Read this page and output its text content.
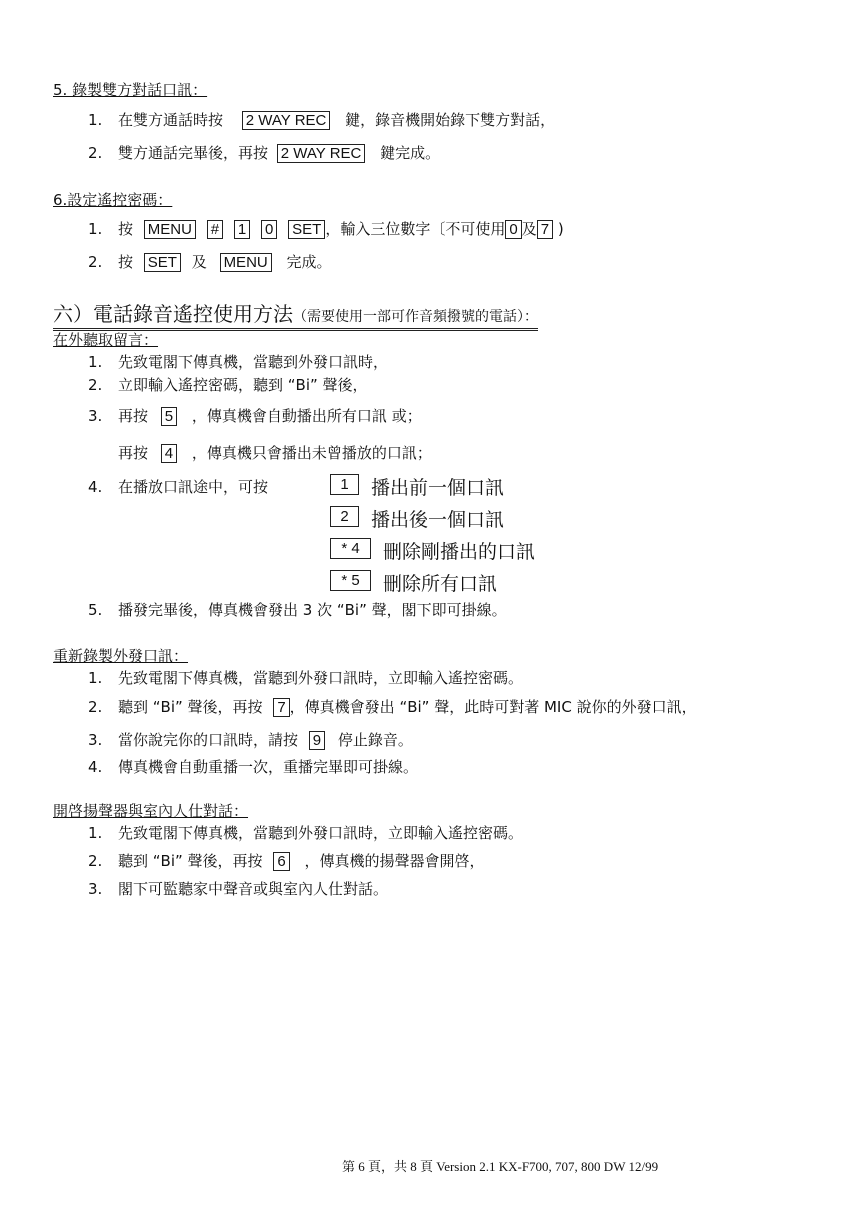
5. 錄製雙方對話口訊：
1. 在雙方通話時按 2 WAY REC 鍵，錄音機開始錄下雙方對話，
2. 雙方通話完畢後，再按 2 WAY REC 鍵完成。
6.設定遙控密碼：
1. 按 MENU # 1 0 SET ，輸入三位數字〔不可使用 0 及 7 )
2. 按 SET 及 MENU 完成。
六）電話錄音遙控使用方法（需要使用一部可作音頻撥號的電話）：
在外聽取留言：
1. 先致電閣下傳真機，當聽到外發口訊時，
2. 立即輸入遙控密碼，聽到 “Bi” 聲後，
3. 再按 5 ，傳真機會自動播出所有口訊 或；
再按 4 ，傳真機只會播出未曾播放的口訊；
4. 在播放口訊途中，可按	1	播出前一個口訊
2	播出後一個口訊
* 4	刪除剛播出的口訊
* 5	刪除所有口訊
5. 播發完畢後，傳真機會發出 3 次 “Bi” 聲，閣下即可掛線。
重新錄製外發口訊：
1. 先致電閣下傳真機，當聽到外發口訊時，立即輸入遙控密碼。
2. 聽到 “Bi” 聲後，再按 7 ，傳真機會發出 “Bi” 聲，此時可對著 MIC 說你的外發口訊，
3. 當你說完你的口訊時，請按 9 停止錄音。
4. 傳真機會自動重播一次，重播完畢即可掛線。
開啓揚聲器與室內人仕對話：
1. 先致電閣下傳真機，當聽到外發口訊時，立即輸入遙控密碼。
2. 聽到 “Bi” 聲後，再按 6 ，傳真機的揚聲器會開啓，
3. 閣下可監聽家中聲音或與室內人仕對話。
第 6 頁，共 8 頁 Version 2.1 KX-F700, 707, 800 DW 12/99
